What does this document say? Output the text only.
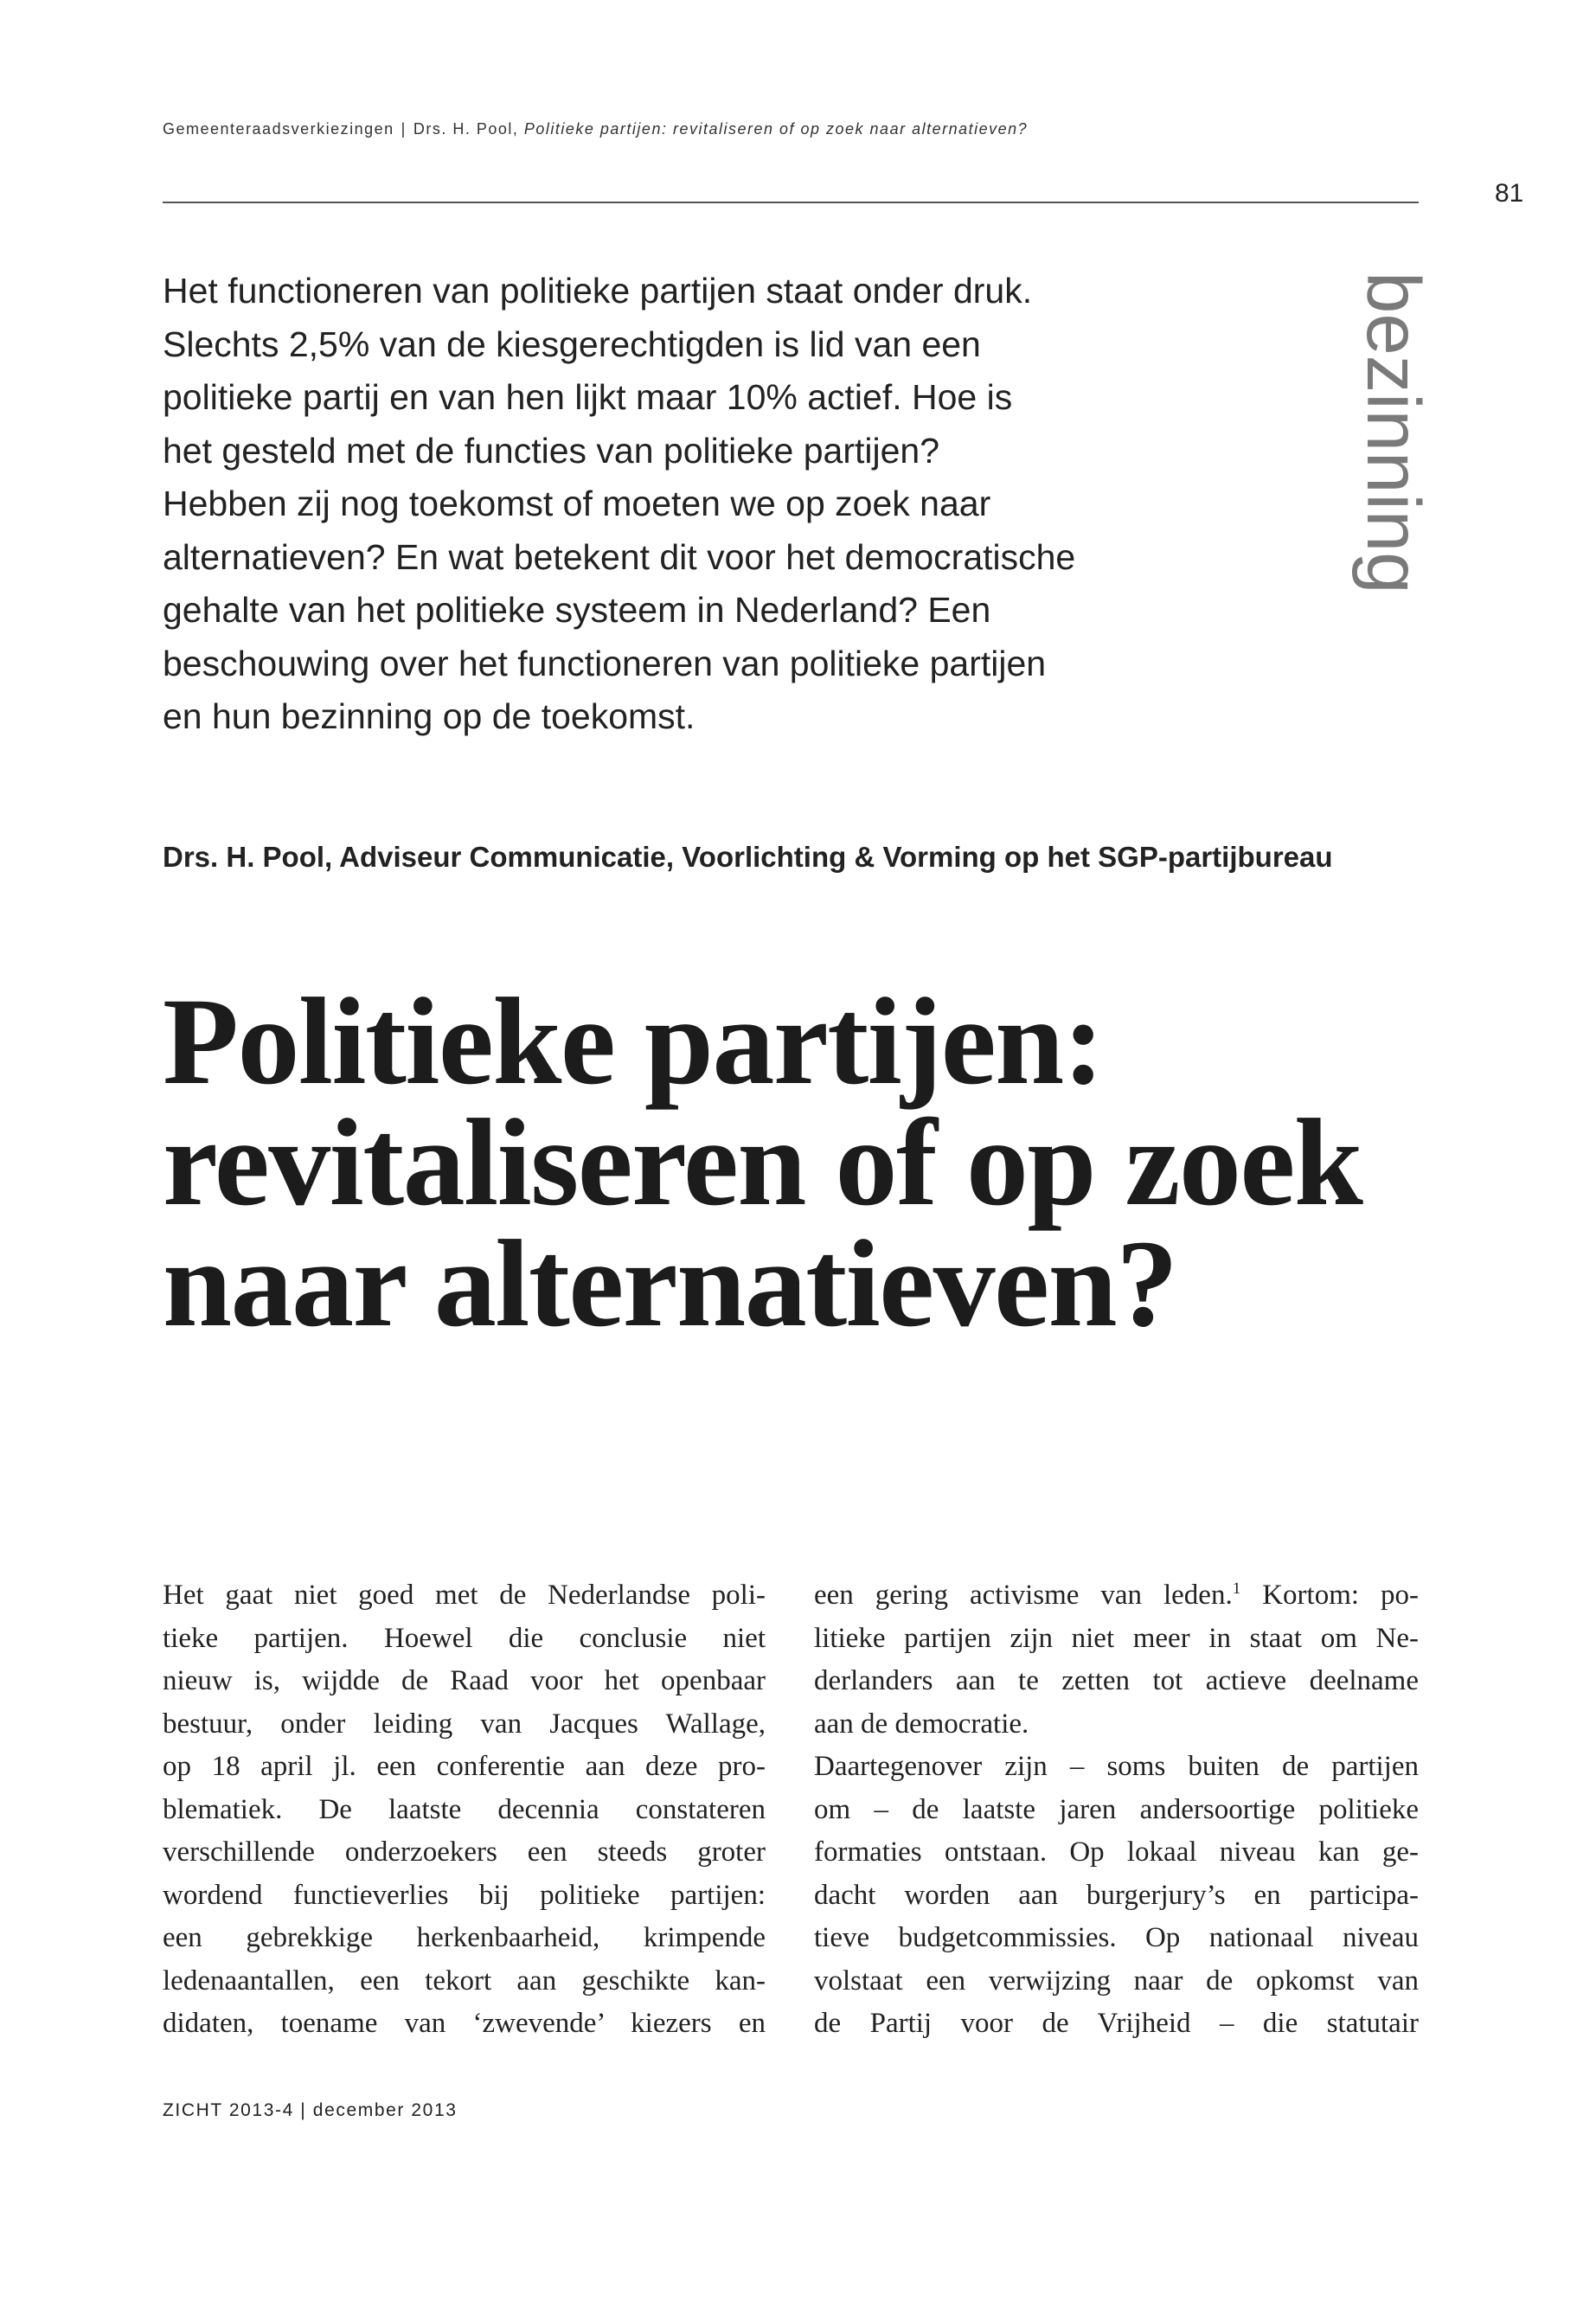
Gemeenteraadsverkiezingen | Drs. H. Pool, Politieke partijen: revitaliseren of op zoek naar alternatieven?
81
Het functioneren van politieke partijen staat onder druk.
Slechts 2,5% van de kiesgerechtigden is lid van een
politieke partij en van hen lijkt maar 10% actief. Hoe is
het gesteld met de functies van politieke partijen?
Hebben zij nog toekomst of moeten we op zoek naar
alternatieven? En wat betekent dit voor het democratische
gehalte van het politieke systeem in Nederland? Een
beschouwing over het functioneren van politieke partijen
en hun bezinning op de toekomst.
bezinning
Drs. H. Pool, Adviseur Communicatie, Voorlichting & Vorming op het SGP-partijbureau
Politieke partijen:
revitaliseren of op zoek
naar alternatieven?
Het gaat niet goed met de Nederlandse poli-
tieke partijen. Hoewel die conclusie niet
nieuw is, wijdde de Raad voor het openbaar
bestuur, onder leiding van Jacques Wallage,
op 18 april jl. een conferentie aan deze pro-
blematiek. De laatste decennia constateren
verschillende onderzoekers een steeds groter
wordend functieverlies bij politieke partijen:
een gebrekkige herkenbaarheid, krimpende
ledenaantallen, een tekort aan geschikte kan-
didaten, toename van ‘zwevende’ kiezers en
een gering activisme van leden.$^1$ Kortom: po-
litieke partijen zijn niet meer in staat om Ne-
derlanders aan te zetten tot actieve deelname
aan de democratie.
Daartegenover zijn – soms buiten de partijen
om – de laatste jaren andersoortige politieke
formaties ontstaan. Op lokaal niveau kan ge-
dacht worden aan burgerjury’s en participa-
tieve budgetcommissies. Op nationaal niveau
volstaat een verwijzing naar de opkomst van
de Partij voor de Vrijheid – die statutair
ZICHT 2013-4 | december 2013
